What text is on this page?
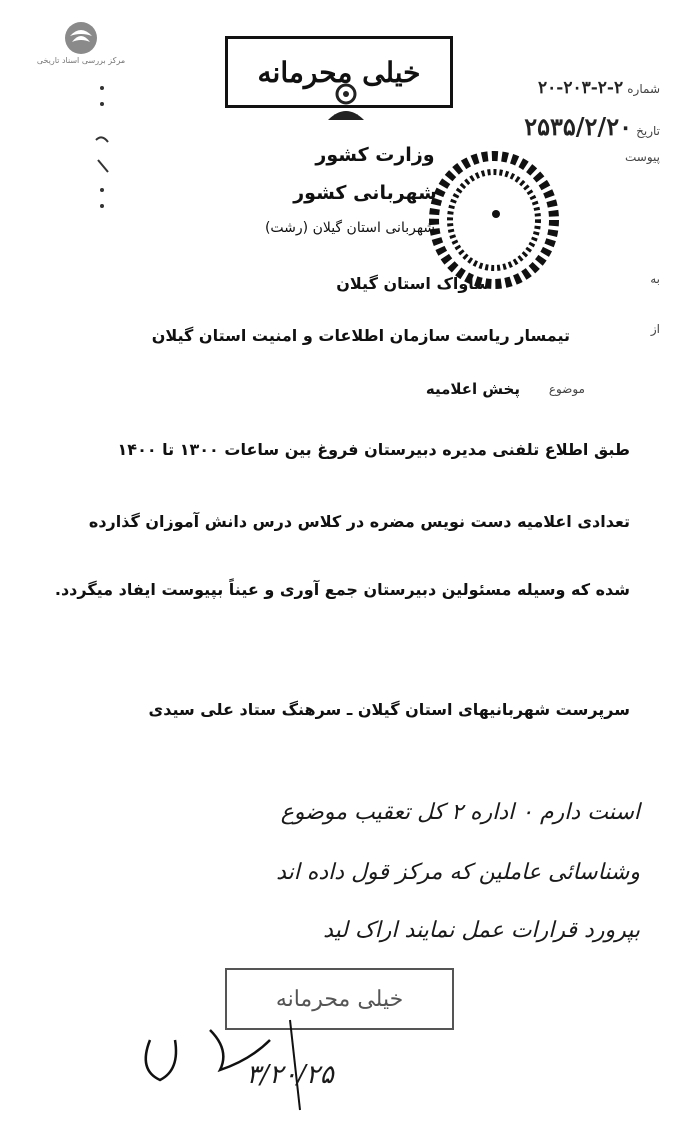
مرکز بررسی اسناد تاریخی	خیلی محرمانه
شماره ۲-۲-۲۰۳-۲۰
تاریخ ۲۵۳۵/۲/۲۰
پیوست
وزارت کشور
شهربانی کشور
شهربانی استان گیلان (رشت)
به
ساواک استان گیلان
از
تیمسار ریاست سازمان اطلاعات و امنیت استان گیلان
موضوع
پخش اعلامیه
طبق اطلاع تلفنی مدیره دبیرستان فروغ بین ساعات ۱۳۰۰ تا ۱۴۰۰
تعدادی اعلامیه دست نویس مضره در کلاس درس دانش آموزان گذارده
شده که وسیله مسئولین دبیرستان جمع آوری و عیناً بپیوست ایفاد میگردد.
سرپرست شهربانیهای استان گیلان ـ سرهنگ ستاد علی سیدی
اسنت دارم ۰ اداره ۲ کل تعقیب موضوع
وشناسائی عاملین که مرکز قول داده اند
بپرورد قرارات عمل نمایند اراک لید
خیلی محرمانه
۳/۲۰/۲۵
